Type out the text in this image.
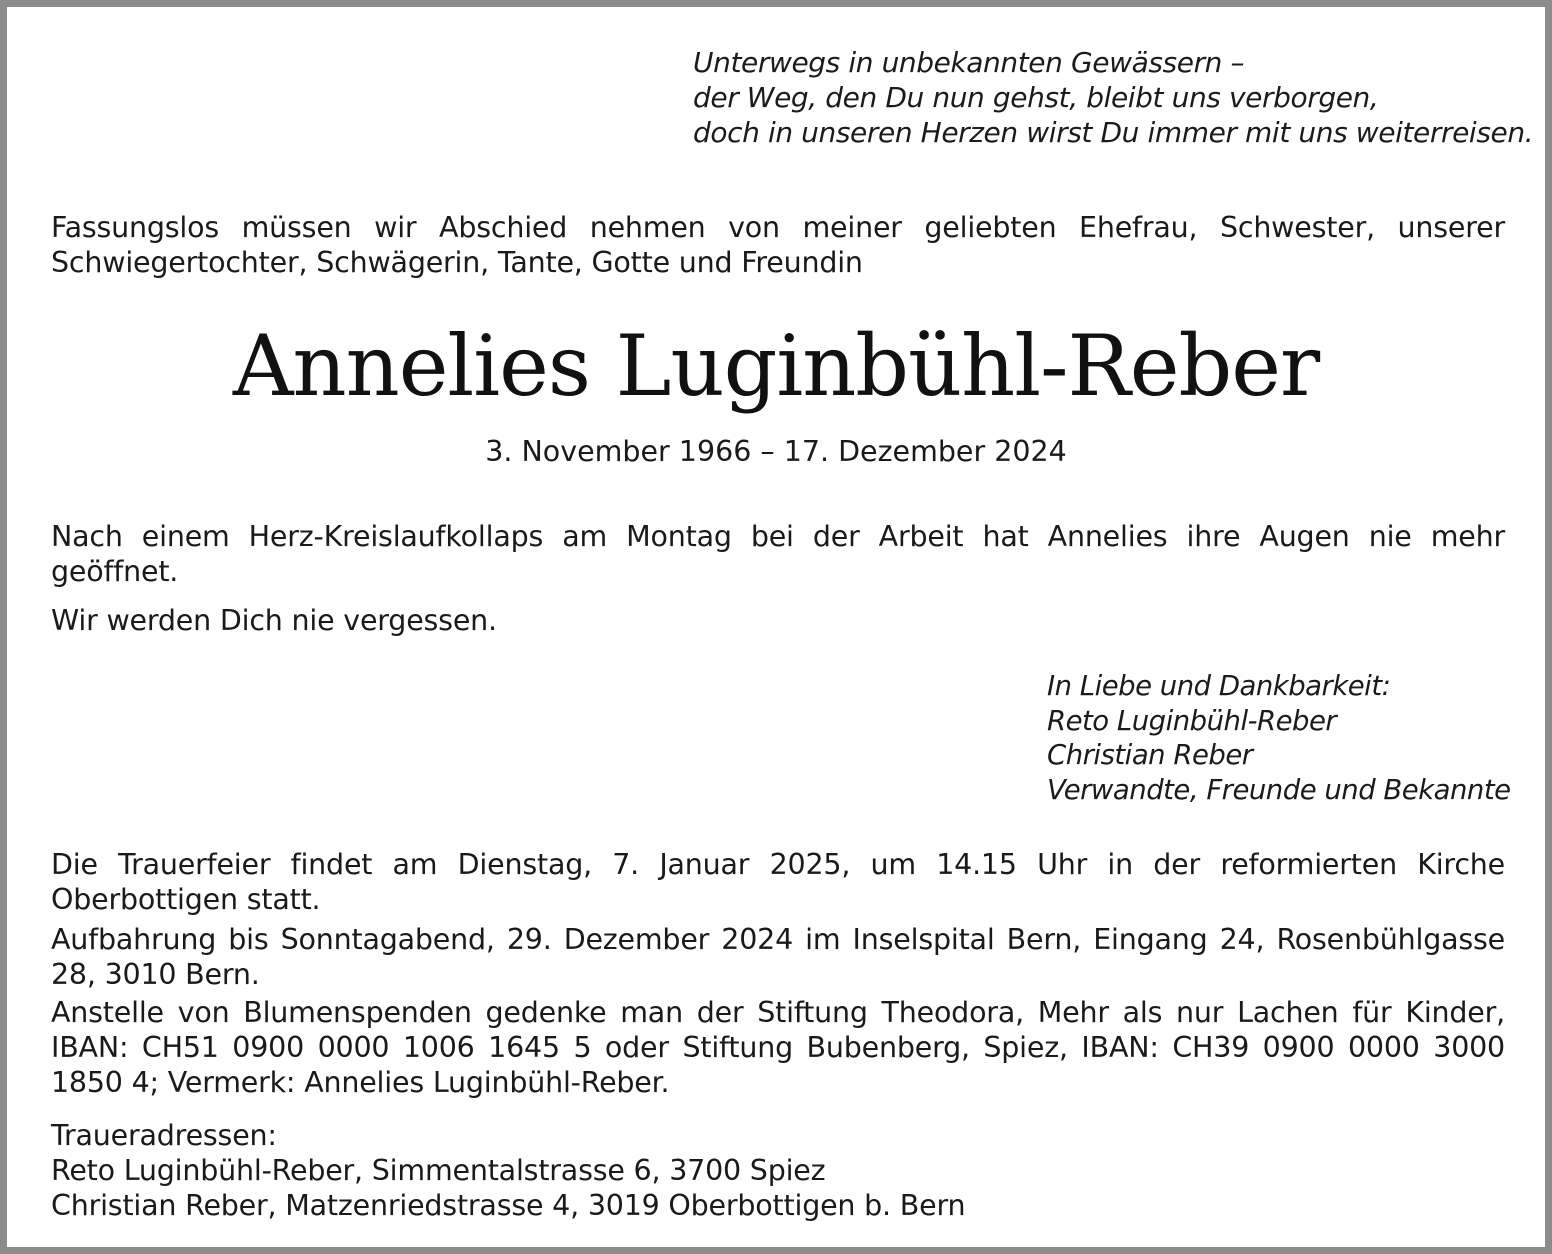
Unterwegs in unbekannten Gewässern –
der Weg, den Du nun gehst, bleibt uns verborgen,
doch in unseren Herzen wirst Du immer mit uns weiterreisen.
Fassungslos müssen wir Abschied nehmen von meiner geliebten Ehefrau, Schwester, unserer Schwiegertochter, Schwägerin, Tante, Gotte und Freundin
Annelies Luginbühl-Reber
3. November 1966 – 17. Dezember 2024
Nach einem Herz-Kreislaufkollaps am Montag bei der Arbeit hat Annelies ihre Augen nie mehr geöffnet.
Wir werden Dich nie vergessen.
In Liebe und Dankbarkeit:
Reto Luginbühl-Reber
Christian Reber
Verwandte, Freunde und Bekannte
Die Trauerfeier findet am Dienstag, 7. Januar 2025, um 14.15 Uhr in der reformierten Kirche Oberbottigen statt.
Aufbahrung bis Sonntagabend, 29. Dezember 2024 im Inselspital Bern, Eingang 24, Rosenbühlgasse 28, 3010 Bern.
Anstelle von Blumenspenden gedenke man der Stiftung Theodora, Mehr als nur Lachen für Kinder, IBAN: CH51 0900 0000 1006 1645 5 oder Stiftung Bubenberg, Spiez, IBAN: CH39 0900 0000 3000 1850 4; Vermerk: Annelies Luginbühl-Reber.
Traueradressen:
Reto Luginbühl-Reber, Simmentalstrasse 6, 3700 Spiez
Christian Reber, Matzenriedstrasse 4, 3019 Oberbottigen b. Bern
